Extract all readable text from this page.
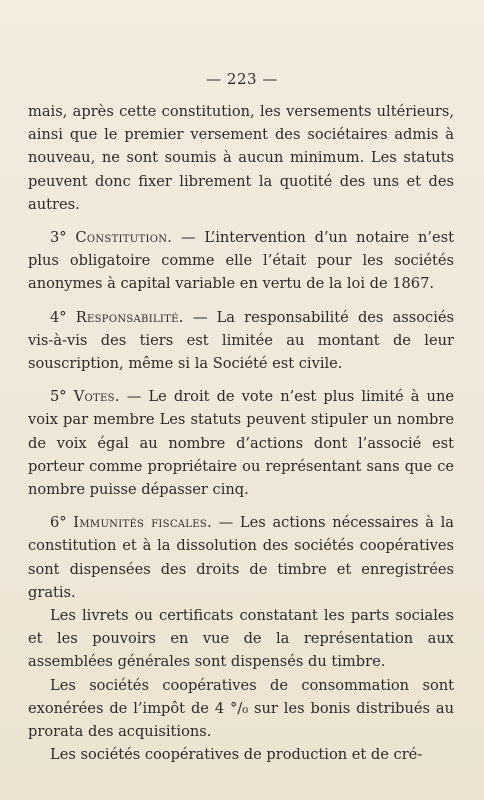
— 223 —

mais, après cette constitution, les versements ultérieurs, ainsi que le premier versement des sociétaires admis à nouveau, ne sont soumis à aucun minimum. Les statuts peuvent donc fixer librement la quotité des uns et des autres.

3° Constitution. — L’intervention d’un notaire n’est plus obligatoire comme elle l’était pour les sociétés anonymes à capital variable en vertu de la loi de 1867.

4° Responsabilité. — La responsabilité des associés vis-à-vis des tiers est limitée au montant de leur souscription, même si la Société est civile.

5° Votes. — Le droit de vote n’est plus limité à une voix par membre Les statuts peuvent stipuler un nombre de voix égal au nombre d’actions dont l’associé est porteur comme propriétaire ou représentant sans que ce nombre puisse dépasser cinq.

6° Immunités fiscales. — Les actions nécessaires à la constitution et à la dissolution des sociétés coopératives sont dispensées des droits de timbre et enregistrées gratis.

Les livrets ou certificats constatant les parts sociales et les pouvoirs en vue de la représentation aux assemblées générales sont dispensés du timbre.

Les sociétés coopératives de consommation sont exonérées de l’impôt de 4 °/₀ sur les bonis distribués au prorata des acquisitions.

Les sociétés coopératives de production et de cré-
